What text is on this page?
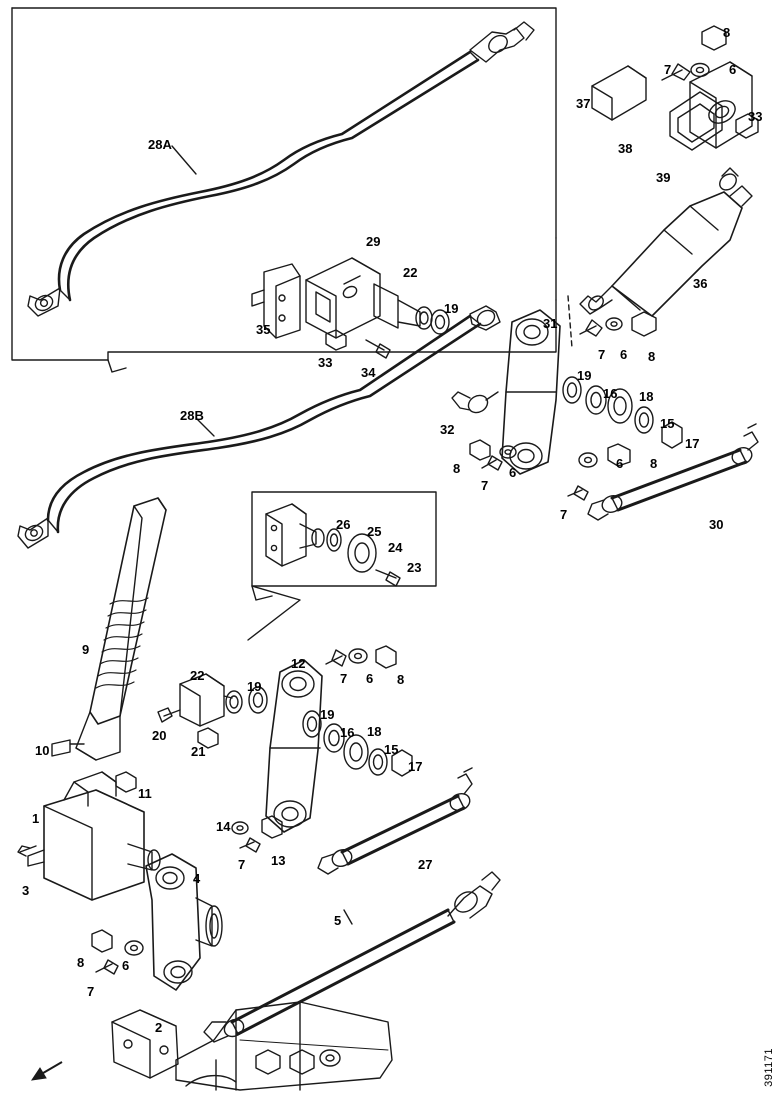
28A
8
7	6
37
33
38
39
36
29
22
19
35
33
34
31
7 6 8
19
16 18
15
17
32
8
7
6
6 8
7
30
28B
26 25
24
23
9
12
7 6 8
22
19
19
20
21
16 18
15
17
10
11
1
14
7 13	27
3
4
5
8	6
7
2
391171
